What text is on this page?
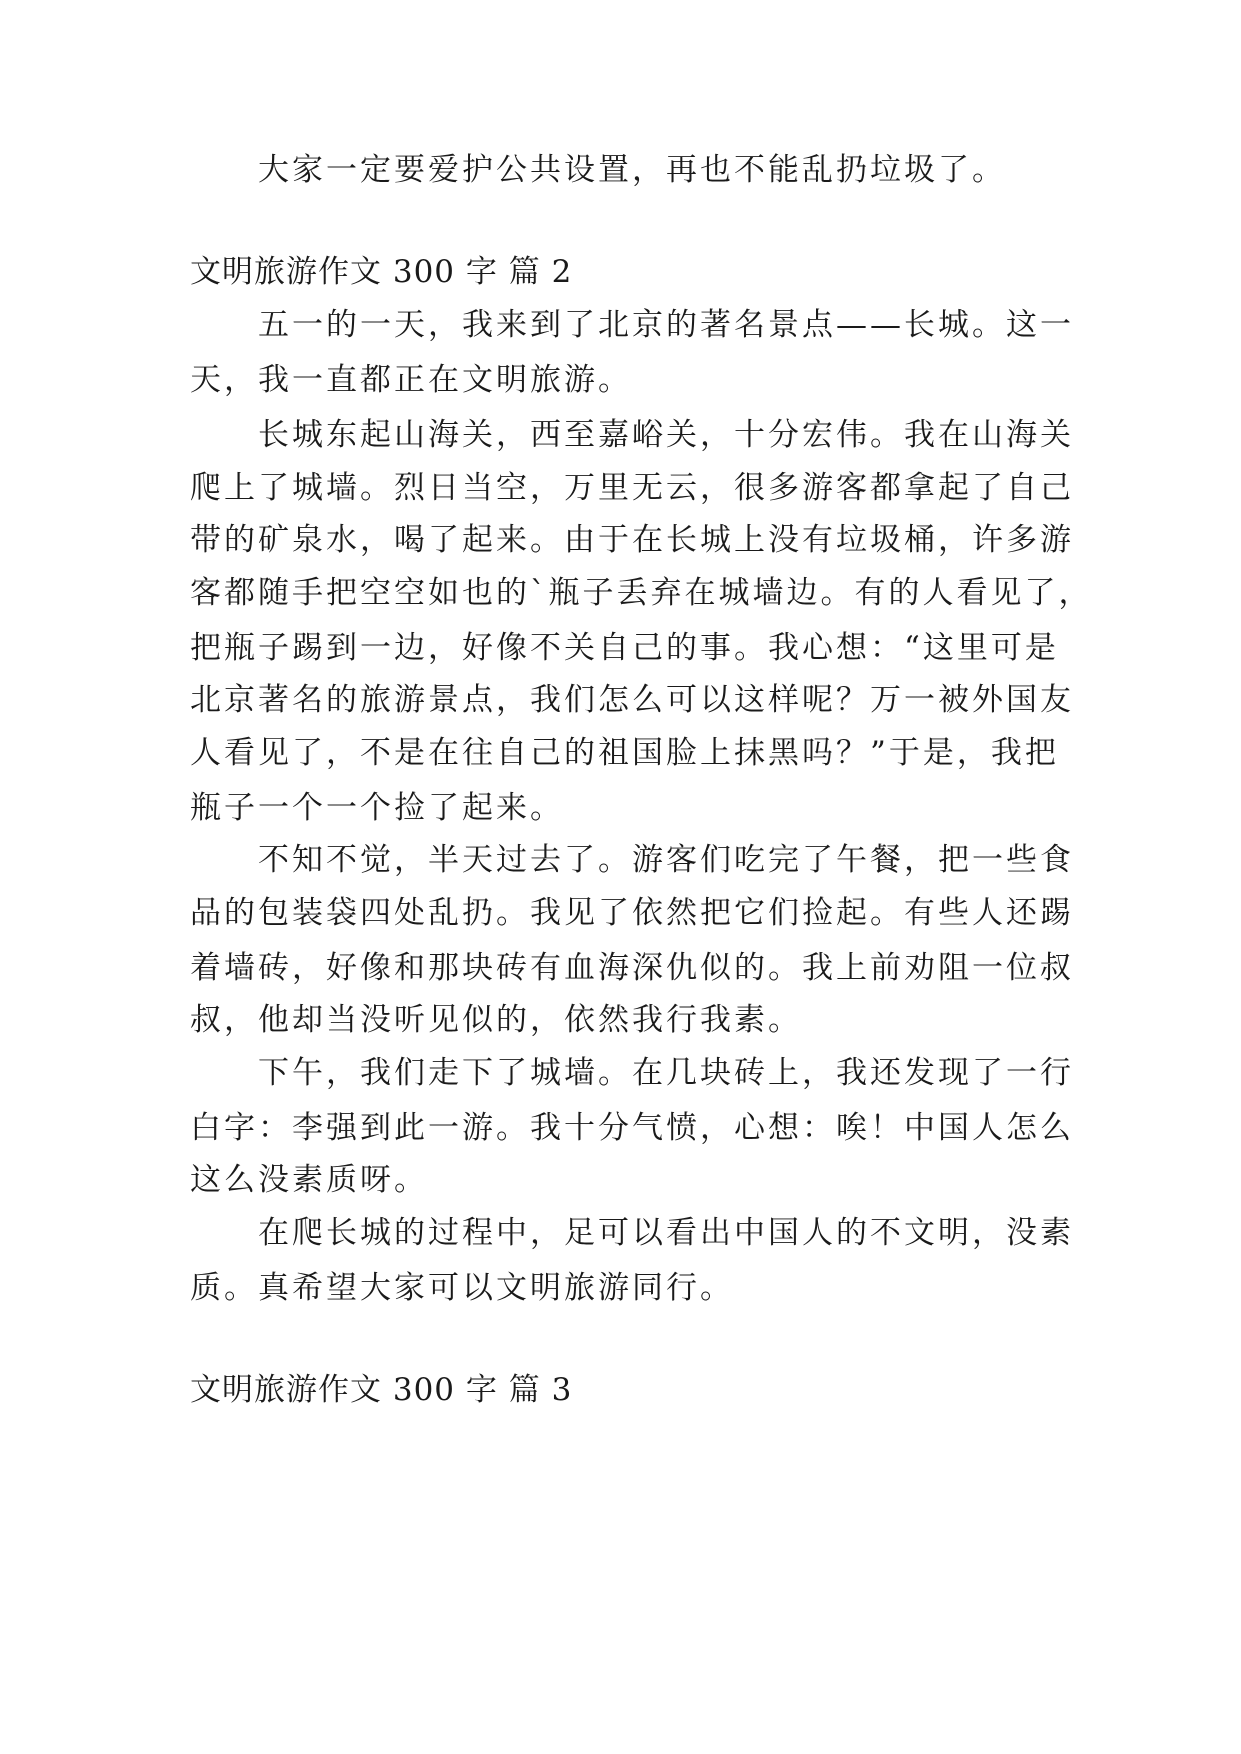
大家一定要爱护公共设置，再也不能乱扔垃圾了。
文明旅游作文 300 字 篇 2
五一的一天，我来到了北京的著名景点——长城。这一
天，我一直都正在文明旅游。
长城东起山海关，西至嘉峪关，十分宏伟。我在山海关
爬上了城墙。烈日当空，万里无云，很多游客都拿起了自己
带的矿泉水，喝了起来。由于在长城上没有垃圾桶，许多游
客都随手把空空如也的`瓶子丢弃在城墙边。有的人看见了，
把瓶子踢到一边，好像不关自己的事。我心想：“这里可是
北京著名的旅游景点，我们怎么可以这样呢？万一被外国友
人看见了，不是在往自己的祖国脸上抹黑吗？”于是，我把
瓶子一个一个捡了起来。
不知不觉，半天过去了。游客们吃完了午餐，把一些食
品的包装袋四处乱扔。我见了依然把它们捡起。有些人还踢
着墙砖，好像和那块砖有血海深仇似的。我上前劝阻一位叔
叔，他却当没听见似的，依然我行我素。
下午，我们走下了城墙。在几块砖上，我还发现了一行
白字：李强到此一游。我十分气愤，心想：唉！中国人怎么
这么没素质呀。
在爬长城的过程中，足可以看出中国人的不文明，没素
质。真希望大家可以文明旅游同行。
文明旅游作文 300 字 篇 3
